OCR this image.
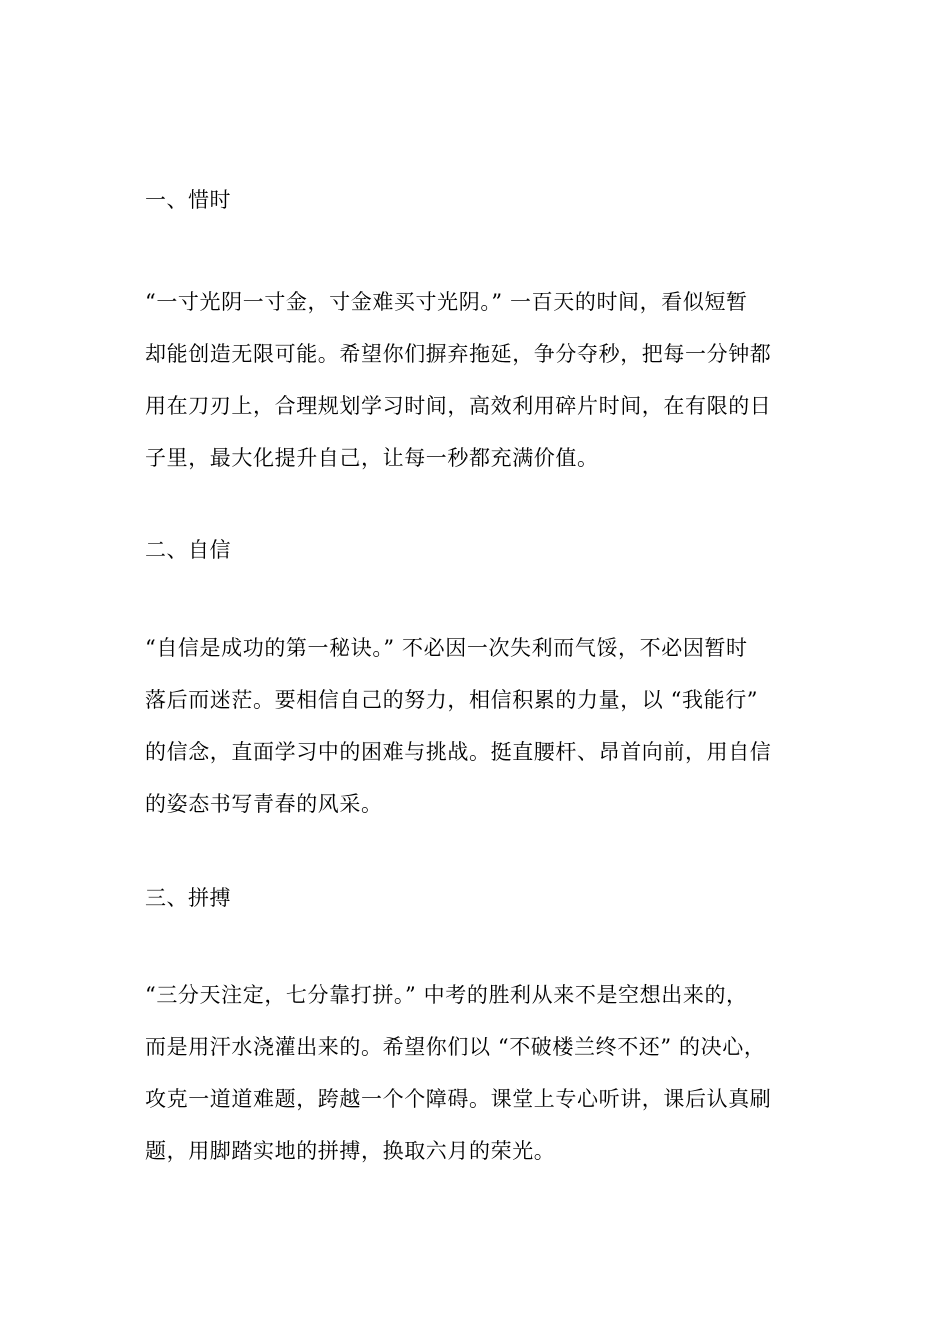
一、惜时
“一寸光阴一寸金，寸金难买寸光阴。” 一百天的时间，看似短暂
却能创造无限可能。希望你们摒弃拖延，争分夺秒，把每一分钟都
用在刀刃上，合理规划学习时间，高效利用碎片时间，在有限的日
子里，最大化提升自己，让每一秒都充满价值。
二、自信
“自信是成功的第一秘诀。” 不必因一次失利而气馁，不必因暂时
落后而迷茫。要相信自己的努力，相信积累的力量，以 “我能行”
的信念，直面学习中的困难与挑战。挺直腰杆、昂首向前，用自信
的姿态书写青春的风采。
三、拼搏
“三分天注定，七分靠打拼。” 中考的胜利从来不是空想出来的，
而是用汗水浇灌出来的。希望你们以 “不破楼兰终不还” 的决心，
攻克一道道难题，跨越一个个障碍。课堂上专心听讲，课后认真刷
题，用脚踏实地的拼搏，换取六月的荣光。
